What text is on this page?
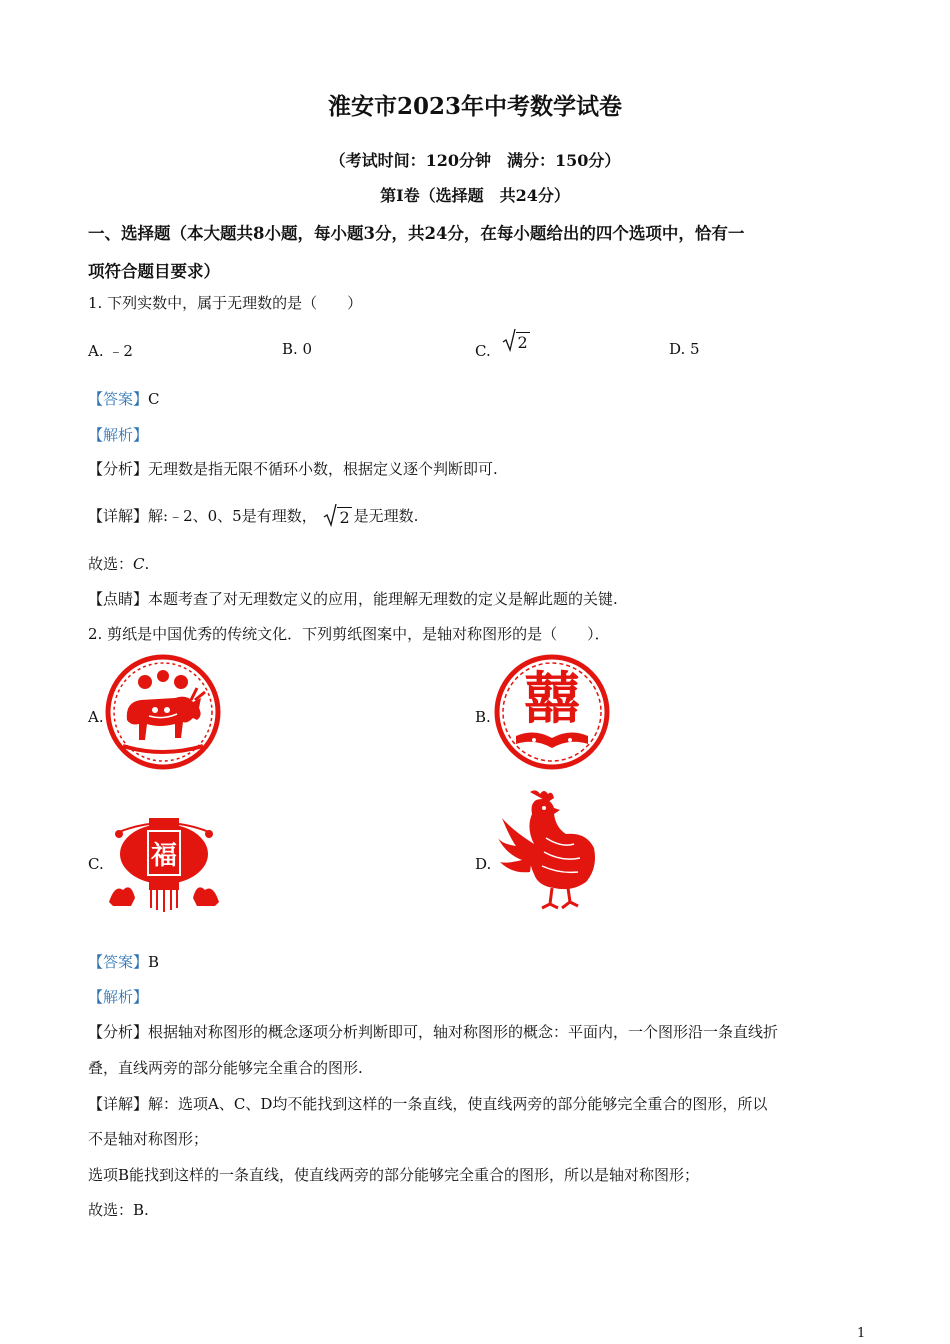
淮安市2023年中考数学试卷
（考试时间：120分钟　满分：150分）
第Ⅰ卷（选择题　共24分）
一、选择题（本大题共8小题，每小题3分，共24分，在每小题给出的四个选项中，恰有一
项符合题目要求）
1. 下列实数中，属于无理数的是（　　）
A. ﹣2	B. 0	C. 2	D. 5
【答案】C
【解析】
【分析】无理数是指无限不循环小数，根据定义逐个判断即可.
【详解】解:﹣2、0、5是有理数， 2 是无理数.
故选：C.
【点睛】本题考查了对无理数定义的应用，能理解无理数的定义是解此题的关键.
2. 剪纸是中国优秀的传统文化．下列剪纸图案中，是轴对称图形的是（　　）．
A.	B. 囍
C. 福	D.
【答案】B
【解析】
【分析】根据轴对称图形的概念逐项分析判断即可，轴对称图形的概念：平面内，一个图形沿一条直线折
叠，直线两旁的部分能够完全重合的图形.
【详解】解：选项A、C、D均不能找到这样的一条直线，使直线两旁的部分能够完全重合的图形，所以
不是轴对称图形；
选项B能找到这样的一条直线，使直线两旁的部分能够完全重合的图形，所以是轴对称图形；
故选：B.
1
